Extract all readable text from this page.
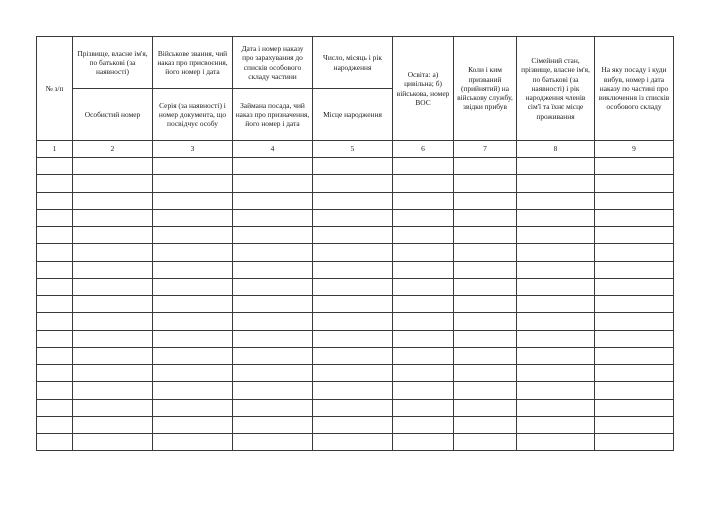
№ з/п	Прізвище, власне ім'я, по батькові (за наявності)	Військове звання, чий наказ про присвоєння, його номер і дата	Дата і номер наказу про зарахування до списків особового складу частини	Число, місяць і рік народження	Освіта: а) цивільна; б) військова, номер ВОС	Коли і ким призваний (прийнятий) на військову службу, звідки прибув	Сімейний стан, прізвище, власне ім'я, по батькові (за наявності) і рік народження членів сім'ї та їхнє місце проживання	На яку посаду і куди вибув, номер і дата наказу по частині про виключення із списків особового складу
	Особистий номер	Серія (за наявності) і номер документа, що посвідчує особу	Займана посада, чий наказ про призначення, його номер і дата	Місце народження				
1	2	3	4	5	6	7	8	9
